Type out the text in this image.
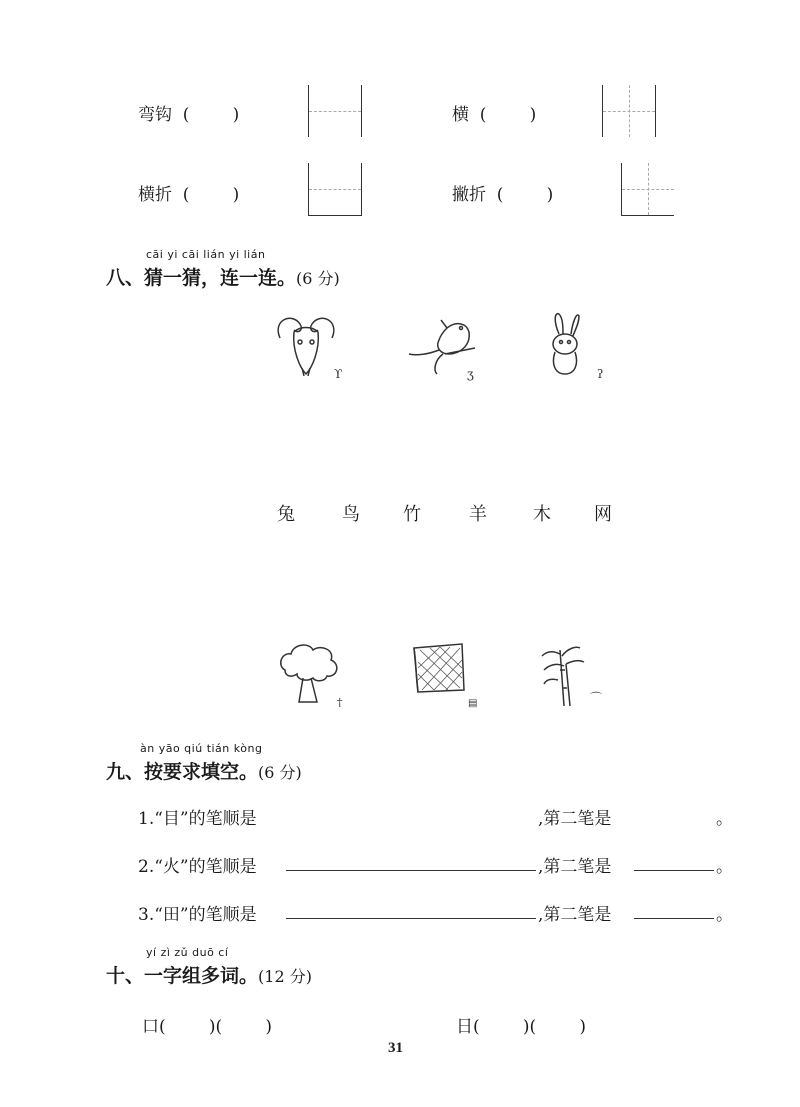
弯钩  (        )	横  (        )
横折  (        )	撇折  (        )
cāi yi cāi lián yi lián
八、猜一猜，连一连。(6 分)
ϒ	ʒ	ʔ
兔	鸟 竹	羊	木 网
†	▤	⌒
àn yāo qiú tián kòng
九、按要求填空。(6 分)
1.“目”的笔顺是	,第二笔是	。
2.“火”的笔顺是	,第二笔是	。
3.“田”的笔顺是	,第二笔是	。
yí zì zǔ duō cí
十、一字组多词。(12 分)
口(        )(        )	日(        )(        )
31
